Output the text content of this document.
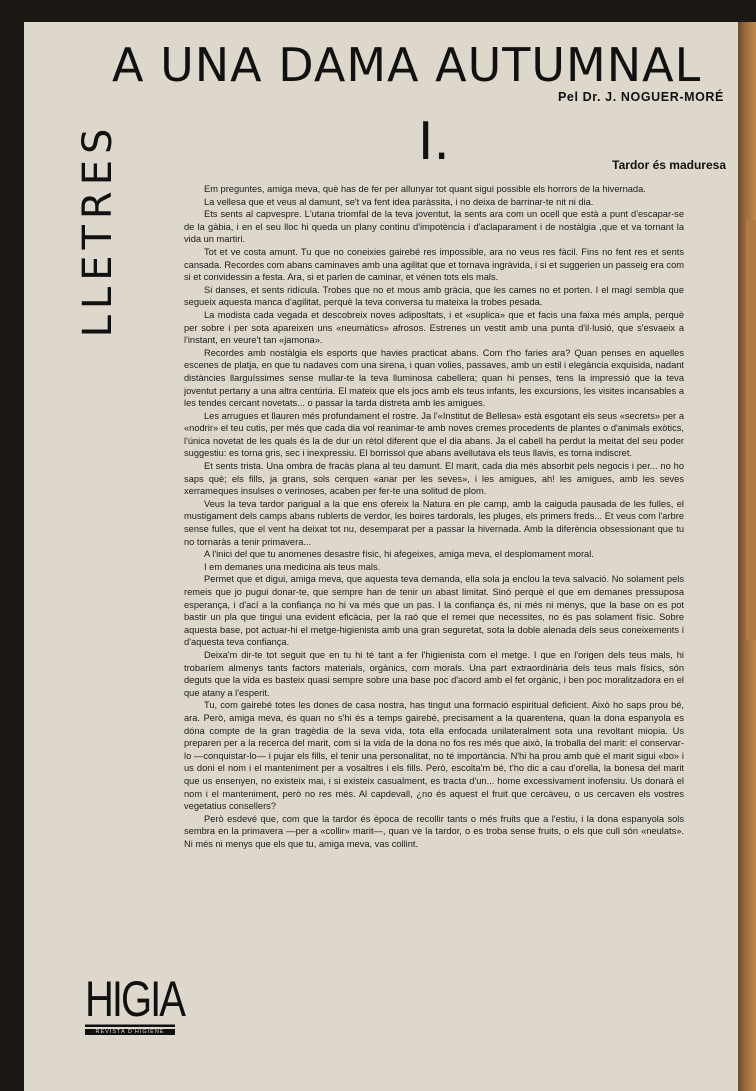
A UNA DAMA AUTUMNAL
Pel Dr. J. NOGUER-MORÉ
I.
LLETRES	Tardor és maduresa

Em preguntes, amiga meva, què has de fer per allunyar tot quant sigui possible els horrors de la hivernada.

La vellesa que et veus al damunt, se't va fent idea paràssita, i no deixa de barrinar-te nit ni dia.

Ets sents al capvespre. L'utana triomfal de la teva joventut, la sents ara com un ocell que està a punt d'escapar-se de la gàbia, i en el seu lloc hi queda un plany continu d'impotència i d'aclaparament i de nostàlgia ,que et va tornant la vida un martiri.

Tot et ve costa amunt. Tu que no coneixies gairebé res impossible, ara no veus res fàcil. Fins no fent res et sents cansada. Recordes com abans caminaves amb una agilitat que et tornava ingràvida, i si et suggerien un passeig era com si et convidessin a festa. Ara, si et parlen de caminar, et vénen tots els mals.

Si danses, et sents ridícula. Trobes que no et mous amb gràcia, que les cames no et porten. I el magí sembla que segueix aquesta manca d'agilitat, perquè la teva conversa tu mateixa la trobes pesada.

La modista cada vegada et descobreix noves adiposltats, i et «suplica» que et facis una faixa més ampla, perquè per sobre i per sota apareixen uns «neumàtics» afrosos. Estrenes un vestit amb una punta d'il·lusió, que s'esvaeix a l'instant, en veure't tan «jamona».

Recordes amb nostàlgia els esports que havies practicat abans. Com t'ho faries ara? Quan penses en aquelles escenes de platja, en que tu nadaves com una sirena, i quan volies, passaves, amb un estil i elegància exquisida, nadant distàncies llarguíssimes sense mullar-te la teva lluminosa cabellera; quan hi penses, tens la impressió que la teva joventut pertany a una altra centúria. El mateix que els jocs amb els teus infants, les excursions, les visites incansables a les tendes cercant novetats... o passar la tarda distreta amb les amigues.

Les arrugues et llauren més profundament el rostre. Ja l'«Institut de Bellesa» està esgotant els seus «secrets» per a «nodrir» el teu cutis, per més que cada dia vol reanimar-te amb noves cremes procedents de plantes o d'animals exòtics, l'única novetat de les quals és la de dur un rètol diferent que el dia abans. Ja el cabell ha perdut la meitat del seu poder suggestiu: es torna gris, sec i inexpressiu. El borrissol que abans avellutava els teus llavis, es torna indiscret.

Et sents trista. Una ombra de fracàs plana al teu damunt. El marit, cada dia més absorbit pels negocis i per... no ho saps què; els fills, ja grans, sols cerquen «anar per les seves», i les amigues, ah! les amigues, amb les seves xerrameques insulses o verinoses, acaben per fer-te una solitud de plom.

Veus la teva tardor parigual a la que ens ofereix la Natura en ple camp, amb la caiguda pausada de les fulles, el mustigament dels camps abans rublerts de verdor, les boires tardorals, les pluges, els primers freds... Et veus com l'arbre sense fulles, que el vent ha deixat tot nu, desemparat per a passar la hivernada. Amb la diferència obsessionant que tu no tornaràs a tenir primavera...

A l'inici del que tu anomenes desastre físic, hi afegeixes, amiga meva, el desplomament moral.

I em demanes una medicina als teus mals.

Permet que et digui, amiga meva, que aquesta teva demanda, ella sola ja enclou la teva salvació. No solament pels remeis que jo pugui donar-te, que sempre han de tenir un abast limitat. Sinó perquè el que em demanes pressuposa esperança, i d'ací a la confiança no hi va més que un pas. I la confiança és, ni més ni menys, que la base on es pot bastir un pla que tingui una evident eficàcia, per la raó que el remei que necessites, no és pas solament físic. Sobre aquesta base, pot actuar-hi el metge-higienista amb una gran seguretat, sota la doble alenada dels seus coneixements i d'aquesta teva confiança.

Deixa'm dir-te tot seguit que en tu hi té tant a fer l'higienista com el metge. I que en l'origen dels teus mals, hi trobaríem almenys tants factors materials, orgànics, com morals. Una part extraordinària dels teus mals físics, són deguts que la vida es basteix quasi sempre sobre una base poc d'acord amb el fet orgànic, i ben poc moralitzadora en el que atany a l'esperit.

Tu, com gairebé totes les dones de casa nostra, has tingut una formació espiritual deficient. Això ho saps prou bé, ara. Però, amiga meva, és quan no s'hi és a temps gairebé, precisament a la quarentena, quan la dona espanyola es dóna compte de la gran tragèdia de la seva vida, tota ella enfocada unilateralment sota una revoltant miopia. Us preparen per a la recerca del marit, com si la vida de la dona no fos res més que això, la troballa del marit: el conservar-lo —conquistar-lo— i pujar els fills, el tenir una personalitat, no té importància. N'hi ha prou amb què el marit sigui «bo» i us doni el nom i el manteniment per a vosaltres i els fills. Però, escolta'm bé, t'ho dic a cau d'orella, la bonesa del marit que us ensenyen, no existeix mai, i si existeix casualment, es tracta d'un... home excessivament inofensiu. Us donarà el nom i el manteniment, però no res més. Al capdevall, ¿no és aquest el fruit que cercàveu, o us cercaven els vostres vegetatius consellers?

Però esdevé que, com que la tardor és època de recollir tants o més fruits que a l'estiu, i la dona espanyola sols sembra en la primavera —per a «collir» marit—, quan ve la tardor, o es troba sense fruits, o els que cull són «neulats». Ni més ni menys que els que tu, amiga meva, vas collint.

HIGIA
REVISTA D'HIGIENE
